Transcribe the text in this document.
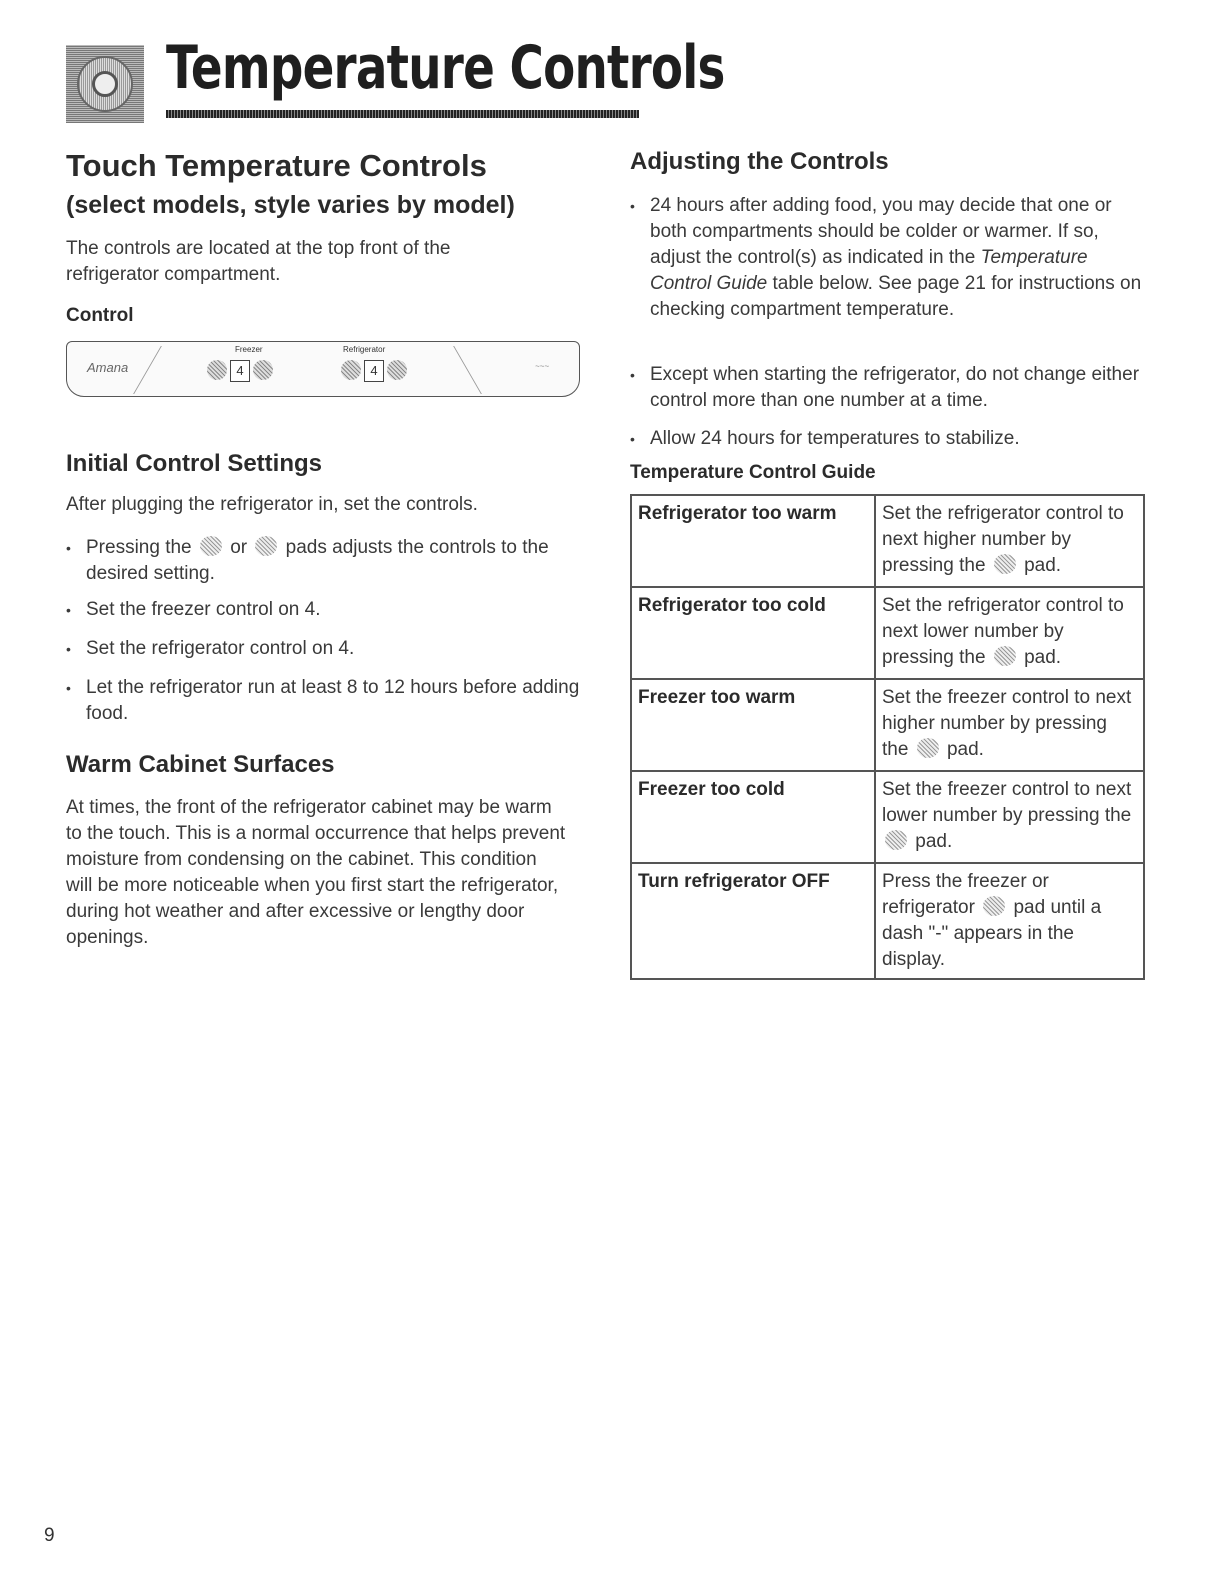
Temperature Controls
Touch Temperature Controls
(select models, style varies by model)

The controls are located at the top front of the refrigerator compartment.

Control
Amana
Freezer
4
Refrigerator
4	~~~
Initial Control Settings

After plugging the refrigerator in, set the controls.

• Pressing the or pads adjusts the controls to the desired setting.
• Set the freezer control on 4.
• Set the refrigerator control on 4.
• Let the refrigerator run at least 8 to 12 hours before adding food.
Warm Cabinet Surfaces

At times, the front of the refrigerator cabinet may be warm to the touch. This is a normal occurrence that helps prevent moisture from condensing on the cabinet. This condition will be more noticeable when you first start the refrigerator, during hot weather and after excessive or lengthy door openings.

Adjusting the Controls
• 24 hours after adding food, you may decide that one or both compartments should be colder or warmer. If so, adjust the control(s) as indicated in the Temperature Control Guide table below. See page 21 for instructions on checking compartment temperature.
• Except when starting the refrigerator, do not change either control more than one number at a time.
• Allow 24 hours for temperatures to stabilize.
Temperature Control Guide
Refrigerator too warm	Set the refrigerator control to next higher number by pressing the pad.
Refrigerator too cold	Set the refrigerator control to next lower number by pressing the pad.
Freezer too warm	Set the freezer control to next higher number by pressing the pad.
Freezer too cold	Set the freezer control to next lower number by pressing the  pad.
Turn refrigerator OFF	Press the freezer or refrigerator pad until a dash "-" appears in the display.
9
